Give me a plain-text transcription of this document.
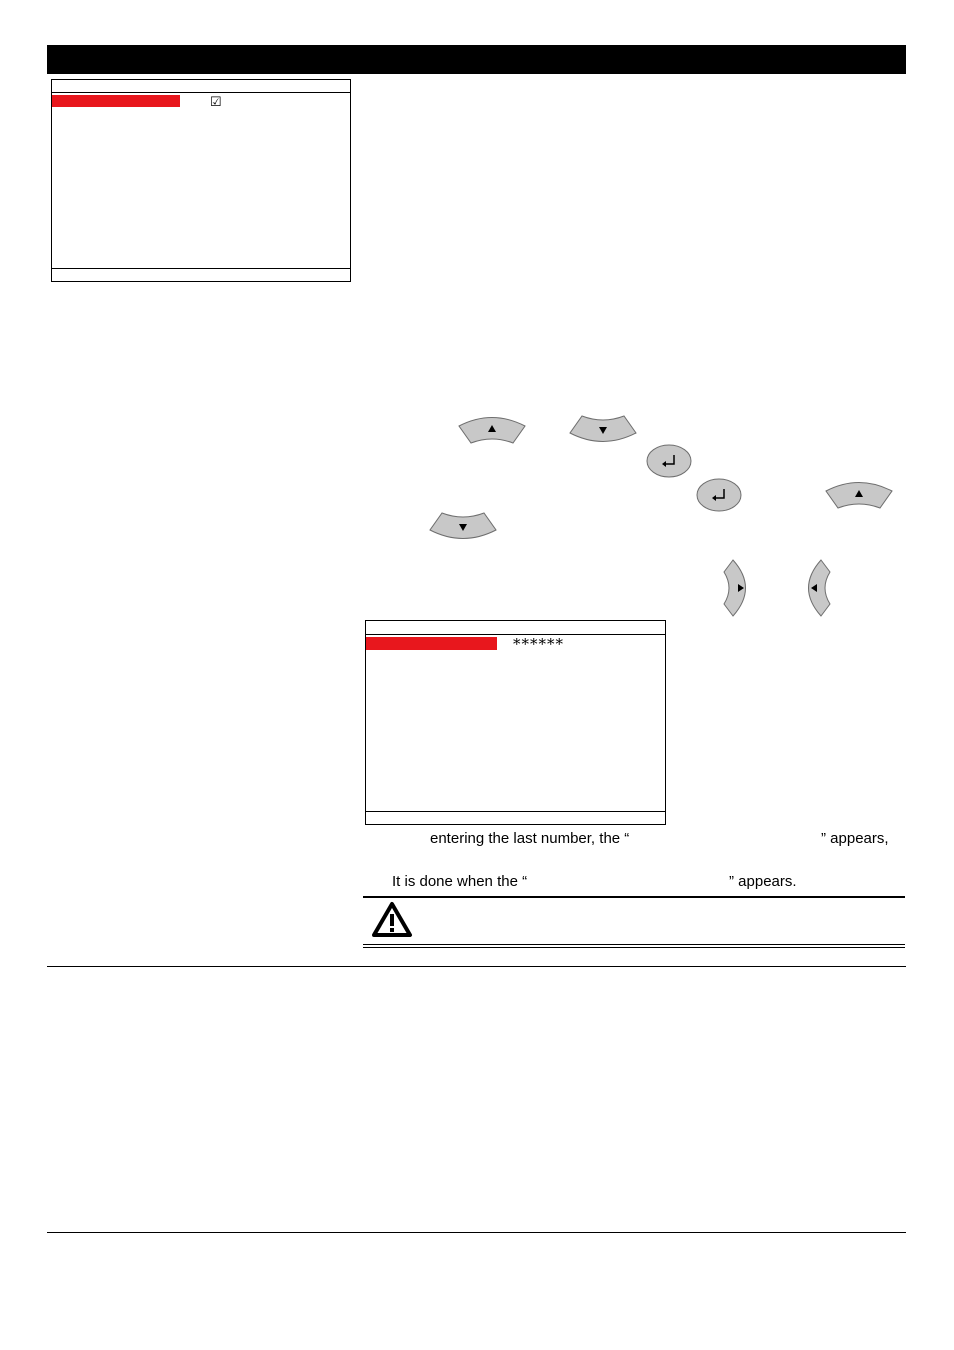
☑
******
entering the last number, the “	” appears,
It is done when the “	” appears.
